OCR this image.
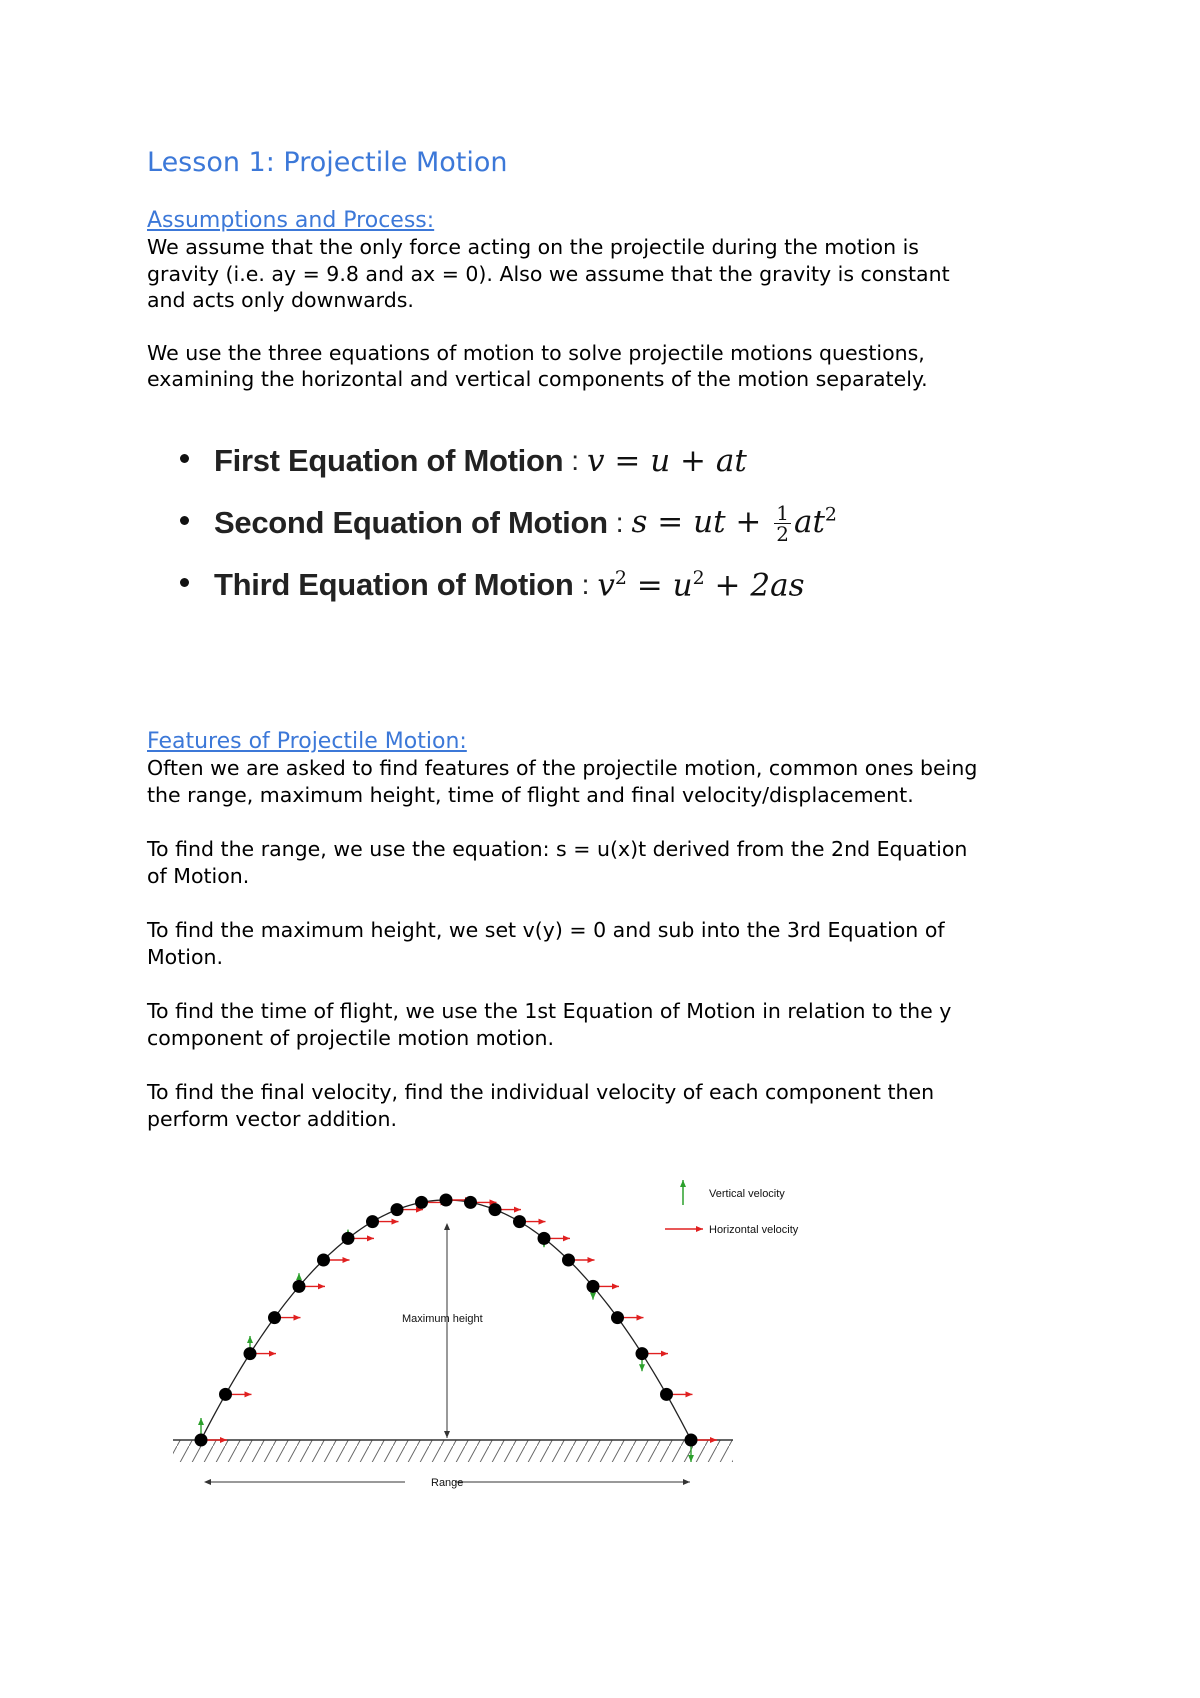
Lesson 1: Projectile Motion
Assumptions and Process:

We assume that the only force acting on the projectile during the motion is
gravity (i.e. ay = 9.8 and ax = 0). Also we assume that the gravity is constant
and acts only downwards.

We use the three equations of motion to solve projectile motions questions,
examining the horizontal and vertical components of the motion separately.

First Equation of Motion : v = u + at
Second Equation of Motion : s = ut + $\frac{1}{2} at^2$
Third Equation of Motion : $v^2 = u^2 + 2as$
Features of Projectile Motion:

Often we are asked to find features of the projectile motion, common ones being
the range, maximum height, time of flight and final velocity/displacement.

To find the range, we use the equation: s = u(x)t derived from the 2nd Equation
of Motion.

To find the maximum height, we set v(y) = 0 and sub into the 3rd Equation of
Motion.

To find the time of flight, we use the 1st Equation of Motion in relation to the y
component of projectile motion motion.

To find the final velocity, find the individual velocity of each component then
perform vector addition.

Maximum height
Range
Vertical velocity
Horizontal velocity
